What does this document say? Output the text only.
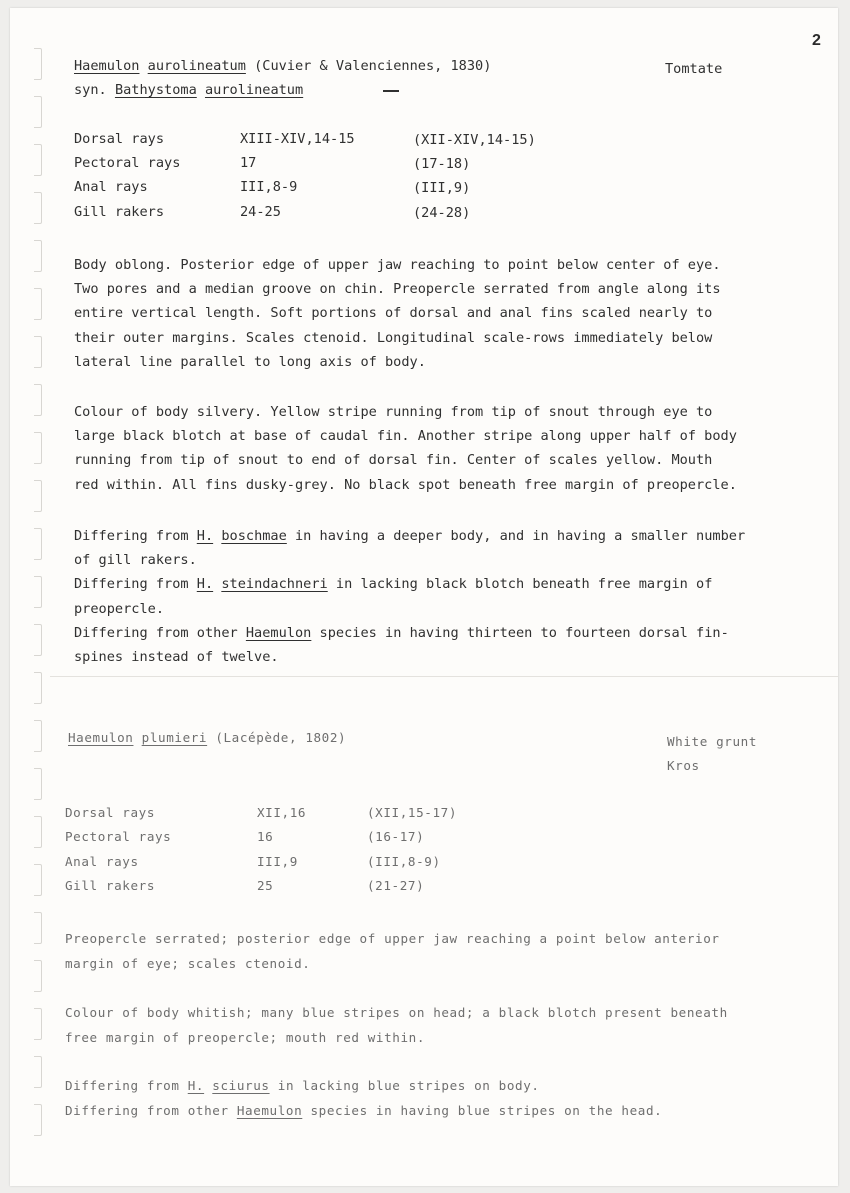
2
Haemulon aurolineatum (Cuvier & Valenciennes, 1830)	Tomtate
syn. Bathystoma aurolineatum
Dorsal rays	XIII-XIV,14-15	(XII-XIV,14-15)
Pectoral rays	17	(17-18)
Anal rays	III,8-9	(III,9)
Gill rakers	24-25	(24-28)
Body oblong. Posterior edge of upper jaw reaching to point below center of eye.
Two pores and a median groove on chin. Preopercle serrated from angle along its
entire vertical length. Soft portions of dorsal and anal fins scaled nearly to
their outer margins. Scales ctenoid. Longitudinal scale-rows immediately below
lateral line parallel to long axis of body.
Colour of body silvery. Yellow stripe running from tip of snout through eye to
large black blotch at base of caudal fin. Another stripe along upper half of body
running from tip of snout to end of dorsal fin. Center of scales yellow. Mouth
red within. All fins dusky-grey. No black spot beneath free margin of preopercle.
Differing from H. boschmae in having a deeper body, and in having a smaller number
of gill rakers.
Differing from H. steindachneri in lacking black blotch beneath free margin of
preopercle.
Differing from other Haemulon species in having thirteen to fourteen dorsal fin-
spines instead of twelve.
Haemulon plumieri (Lacépède, 1802)	White grunt
Kros
Dorsal rays	XII,16	(XII,15-17)
Pectoral rays	16	(16-17)
Anal rays	III,9	(III,8-9)
Gill rakers	25	(21-27)
Preopercle serrated; posterior edge of upper jaw reaching a point below anterior
margin of eye; scales ctenoid.
Colour of body whitish; many blue stripes on head; a black blotch present beneath
free margin of preopercle; mouth red within.
Differing from H. sciurus in lacking blue stripes on body.
Differing from other Haemulon species in having blue stripes on the head.
